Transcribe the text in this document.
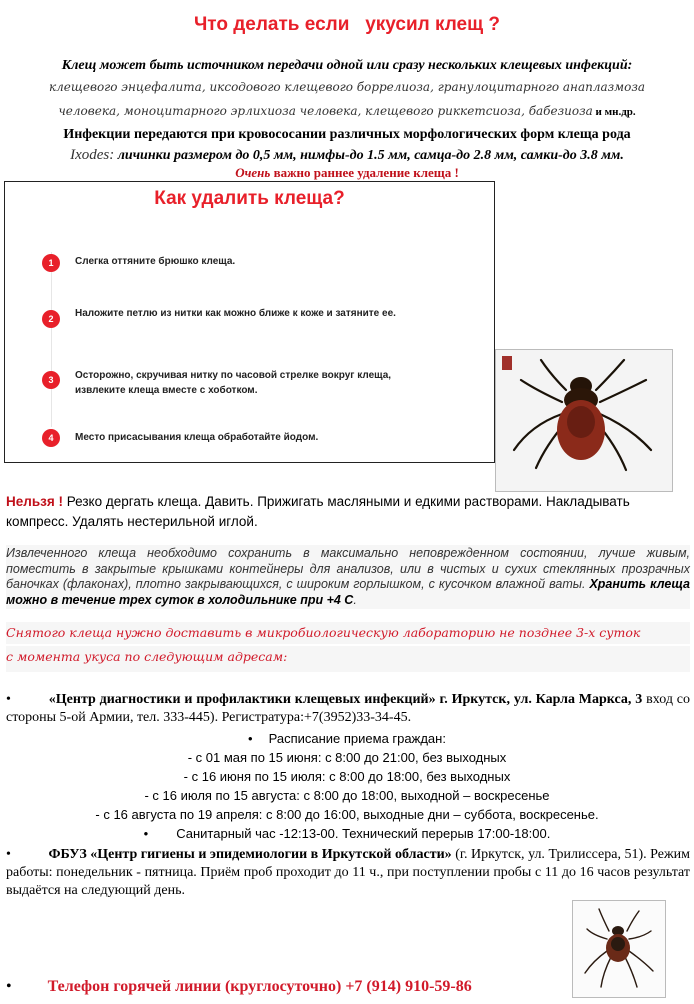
Что делать если   укусил клещ ?
Клещ может быть источником передачи одной или сразу нескольких клещевых инфекций:
клещевого энцефалита, иксодового клещевого боррелиоза, гранулоцитарного анаплазмоза
человека, моноцитарного эрлихиоза человека, клещевого риккетсиоза, бабезиоза и мн.др.
Инфекции передаются при кровососании различных морфологических форм клеща рода
Ixodes: личинки размером до 0,5 мм, нимфы-до 1.5 мм, самца-до 2.8 мм, самки-до 3.8 мм.
Очень важно раннее удаление клеща !
Как удалить клеща?
1	Слегка оттяните брюшко клеща.
2	Наложите петлю из нитки как можно ближе к коже и затяните ее.
3	Осторожно, скручивая нитку по часовой стрелке вокруг клеща, извлеките клеща вместе с хоботком.
4	Место присасывания клеща обработайте йодом.
Нельзя ! Резко дергать клеща. Давить. Прижигать масляными и едкими растворами. Накладывать компресс. Удалять нестерильной иглой.
Извлеченного клеща необходимо сохранить в максимально неповрежденном состоянии, лучше живым, поместить в закрытые крышками контейнеры для анализов, или в чистых и сухих стеклянных прозрачных баночках (флаконах), плотно закрывающихся, с широким горлышком, с кусочком влажной ваты. Хранить клеща можно в течение трех суток в холодильнике при +4 С.
Снятого клеща нужно доставить в микробиологическую лабораторию не позднее 3-х суток
с момента укуса по следующим адресам:
•	«Центр диагностики и профилактики клещевых инфекций» г. Иркутск, ул. Карла Маркса, 3 вход со стороны 5-ой Армии, тел. 333-445). Регистратура:+7(3952)33-34-45.
• Расписание приема граждан:
- с 01 мая по 15 июня: с 8:00 до 21:00, без выходных
- с 16 июня по 15 июля: с 8:00 до 18:00, без выходных
- с 16 июля по 15 августа: с 8:00 до 18:00, выходной – воскресенье
- с 16 августа по 19 апреля: с 8:00 до 16:00, выходные дни – суббота, воскресенье.
• Санитарный час -12:13-00. Технический перерыв 17:00-18:00.
•	ФБУЗ «Центр гигиены и эпидемиологии в Иркутской области» (г. Иркутск, ул. Трилиссера, 51). Режим работы: понедельник - пятница. Приём проб проходит до 11 ч., при поступлении пробы с 11 до 16 часов результат выдаётся на следующий день.
• Телефон горячей линии (круглосуточно) +7 (914) 910-59-86
